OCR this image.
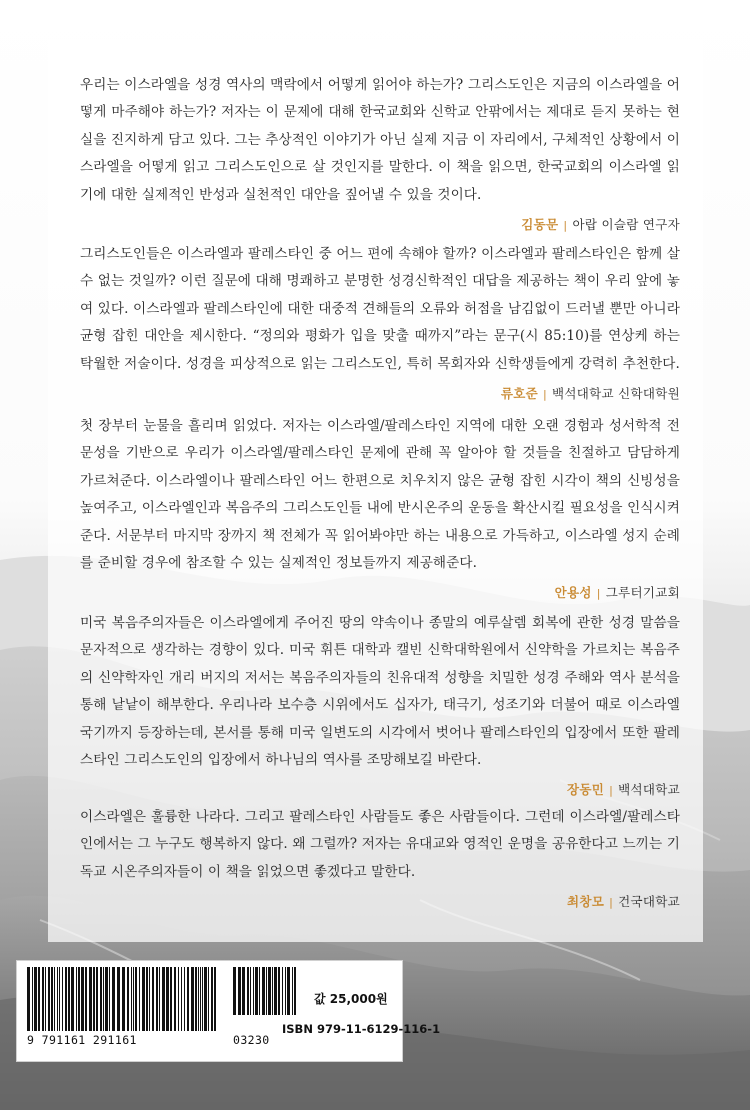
우리는 이스라엘을 성경 역사의 맥락에서 어떻게 읽어야 하는가? 그리스도인은 지금의 이스라엘을 어떻게 마주해야 하는가? 저자는 이 문제에 대해 한국교회와 신학교 안팎에서는 제대로 듣지 못하는 현실을 진지하게 담고 있다. 그는 추상적인 이야기가 아닌 실제 지금 이 자리에서, 구체적인 상황에서 이스라엘을 어떻게 읽고 그리스도인으로 살 것인지를 말한다. 이 책을 읽으면, 한국교회의 이스라엘 읽기에 대한 실제적인 반성과 실천적인 대안을 짚어낼 수 있을 것이다.

김동문 | 아랍 이슬람 연구자

그리스도인들은 이스라엘과 팔레스타인 중 어느 편에 속해야 할까? 이스라엘과 팔레스타인은 함께 살 수 없는 것일까? 이런 질문에 대해 명쾌하고 분명한 성경신학적인 대답을 제공하는 책이 우리 앞에 놓여 있다. 이스라엘과 팔레스타인에 대한 대중적 견해들의 오류와 허점을 남김없이 드러낼 뿐만 아니라 균형 잡힌 대안을 제시한다. “정의와 평화가 입을 맞출 때까지”라는 문구(시 85:10)를 연상케 하는 탁월한 저술이다. 성경을 피상적으로 읽는 그리스도인, 특히 목회자와 신학생들에게 강력히 추천한다.

류호준 | 백석대학교 신학대학원

첫 장부터 눈물을 흘리며 읽었다. 저자는 이스라엘/팔레스타인 지역에 대한 오랜 경험과 성서학적 전문성을 기반으로 우리가 이스라엘/팔레스타인 문제에 관해 꼭 알아야 할 것들을 친절하고 담담하게 가르쳐준다. 이스라엘이나 팔레스타인 어느 한편으로 치우치지 않은 균형 잡힌 시각이 책의 신빙성을 높여주고, 이스라엘인과 복음주의 그리스도인들 내에 반시온주의 운동을 확산시킬 필요성을 인식시켜준다. 서문부터 마지막 장까지 책 전체가 꼭 읽어봐야만 하는 내용으로 가득하고, 이스라엘 성지 순례를 준비할 경우에 참조할 수 있는 실제적인 정보들까지 제공해준다.

안용성 | 그루터기교회

미국 복음주의자들은 이스라엘에게 주어진 땅의 약속이나 종말의 예루살렘 회복에 관한 성경 말씀을 문자적으로 생각하는 경향이 있다. 미국 휘튼 대학과 캘빈 신학대학원에서 신약학을 가르치는 복음주의 신약학자인 개리 버지의 저서는 복음주의자들의 친유대적 성향을 치밀한 성경 주해와 역사 분석을 통해 낱낱이 해부한다. 우리나라 보수층 시위에서도 십자가, 태극기, 성조기와 더불어 때로 이스라엘 국기까지 등장하는데, 본서를 통해 미국 일변도의 시각에서 벗어나 팔레스타인의 입장에서 또한 팔레스타인 그리스도인의 입장에서 하나님의 역사를 조망해보길 바란다.

장동민 | 백석대학교

이스라엘은 훌륭한 나라다. 그리고 팔레스타인 사람들도 좋은 사람들이다. 그런데 이스라엘/팔레스타인에서는 그 누구도 행복하지 않다. 왜 그럴까? 저자는 유대교와 영적인 운명을 공유한다고 느끼는 기독교 시온주의자들이 이 책을 읽었으면 좋겠다고 말한다.

최창모 | 건국대학교
9 791161 291161	03230
값 25,000원
ISBN 979-11-6129-116-1
